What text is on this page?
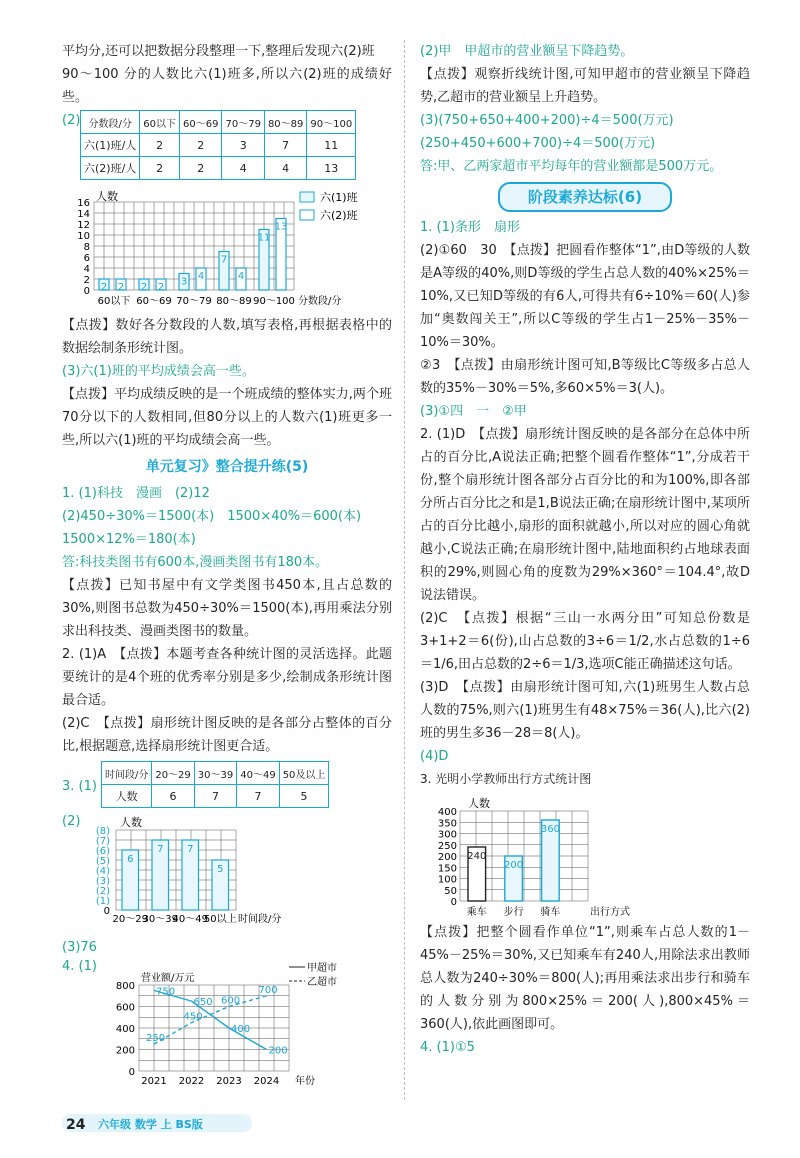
平均分,还可以把数据分段整理一下,整理后发现六(2)班

90～100 分的人数比六(1)班多,所以六(2)班的成绩好些。

(2) 分数段/分	60以下	60～69	70～79	80～89	90～100
六(1)班/人	2	2	3	7	11
六(2)班/人	2	2	4	4	13
0
2
4
6
8
10
12
14
16
人数
2 2
60以下
2 2
60～69
3 4
70～79
7
4
80～89
11
13
90～100 分数段/分
六(1)班
六(2)班

【点拨】数好各分数段的人数,填写表格,再根据表格中的数据绘制条形统计图。

(3)六(1)班的平均成绩会高一些。

【点拨】平均成绩反映的是一个班成绩的整体实力,两个班70分以下的人数相同,但80分以上的人数六(1)班更多一些,所以六(1)班的平均成绩会高一些。

单元复习》整合提升练(5)

1. (1)科技　漫画　(2)12

(2)450÷30%＝1500(本)　1500×40%＝600(本)

1500×12%＝180(本)

答:科技类图书有600本,漫画类图书有180本。

【点拨】已知书屋中有文学类图书450本,且占总数的30%,则图书总数为450÷30%＝1500(本),再用乘法分别求出科技类、漫画类图书的数量。

2. (1)A　【点拨】本题考查各种统计图的灵活选择。此题要统计的是4个班的优秀率分别是多少,绘制成条形统计图最合适。

(2)C　【点拨】扇形统计图反映的是各部分占整体的百分比,根据题意,选择扇形统计图更合适。

3. (1)
时间段/分	20～29	30～39	40～49	50及以上
人数	6	7	7	5
(2)
0
(1)
(2)
(3)
(4)
(5)
(6)
(7)
(8)
人数
6
20～29
7
30～39
7
40～49
5
50以上 时间段/分

(3)76

4. (1)
0
200
400
600
800
营业额/万元
2021 2022 2023 2024 年份
750
650
400
200
250
450
600
700
甲超市
乙超市
24 六年级 数学 上 BS版

(2)甲　甲超市的营业额呈下降趋势。

【点拨】观察折线统计图,可知甲超市的营业额呈下降趋势,乙超市的营业额呈上升趋势。

(3)(750+650+400+200)÷4＝500(万元)

(250+450+600+700)÷4＝500(万元)

答:甲、乙两家超市平均每年的营业额都是500万元。

阶段素养达标(6)

1. (1)条形　扇形

(2)①60　30　【点拨】把圆看作整体“1”,由D等级的人数是A等级的40%,则D等级的学生占总人数的40%×25%＝10%,又已知D等级的有6人,可得共有6÷10%＝60(人)参加“奥数闯关王”,所以C等级的学生占1－25%－35%－10%＝30%。

②3　【点拨】由扇形统计图可知,B等级比C等级多占总人数的35%－30%＝5%,多60×5%＝3(人)。

(3)①四　一　②甲

2. (1)D　【点拨】扇形统计图反映的是各部分在总体中所占的百分比,A说法正确;把整个圆看作整体“1”,分成若干份,整个扇形统计图各部分占百分比的和为100%,即各部分所占百分比之和是1,B说法正确;在扇形统计图中,某项所占的百分比越小,扇形的面积就越小,所以对应的圆心角就越小,C说法正确;在扇形统计图中,陆地面积约占地球表面积的29%,则圆心角的度数为29%×360°＝104.4°,故D说法错误。

(2)C　【点拨】根据“三山一水两分田”可知总份数是3+1+2＝6(份),山占总数的3÷6＝1/2,水占总数的1÷6＝1/6,田占总数的2÷6＝1/3,选项C能正确描述这句话。

(3)D　【点拨】由扇形统计图可知,六(1)班男生人数占总人数的75%,则六(1)班男生有48×75%＝36(人),比六(2)班的男生多36－28＝8(人)。

(4)D

3. 光明小学教师出行方式统计图

0
50
100
150
200
250
300
350
400
人数
240
乘车
200
步行
360
骑车	出行方式

【点拨】把整个圆看作单位“1”,则乘车占总人数的1－45%－25%＝30%,又已知乘车有240人,用除法求出教师总人数为240÷30%＝800(人);再用乘法求出步行和骑车的人数分别为800×25%＝200(人),800×45%＝360(人),依此画图即可。

4. (1)①5
